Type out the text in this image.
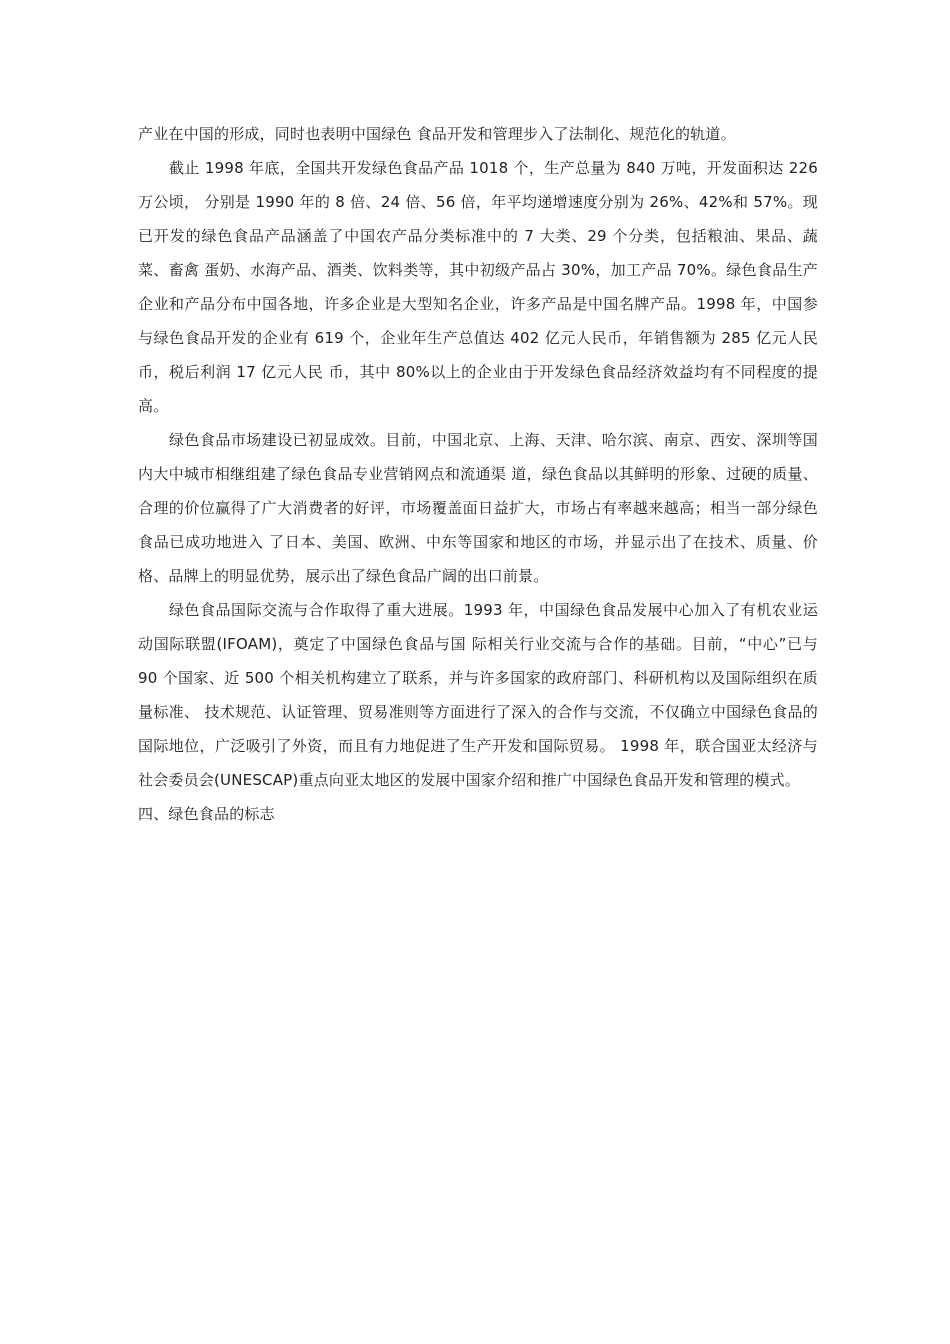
产业在中国的形成，同时也表明中国绿色 食品开发和管理步入了法制化、规范化的轨道。

截止 1998 年底，全国共开发绿色食品产品 1018 个，生产总量为 840 万吨，开发面积达 226 万公顷， 分别是 1990 年的 8 倍、24 倍、56 倍，年平均递增速度分别为 26%、42%和 57%。现已开发的绿色食品产品涵盖了中国农产品分类标准中的 7 大类、29 个分类，包括粮油、果品、蔬菜、畜禽 蛋奶、水海产品、酒类、饮料类等，其中初级产品占 30%，加工产品 70%。绿色食品生产企业和产品分布中国各地，许多企业是大型知名企业，许多产品是中国名牌产品。1998 年，中国参与绿色食品开发的企业有 619 个，企业年生产总值达 402 亿元人民币，年销售额为 285 亿元人民币，税后利润 17 亿元人民 币，其中 80%以上的企业由于开发绿色食品经济效益均有不同程度的提高。

绿色食品市场建设已初显成效。目前，中国北京、上海、天津、哈尔滨、南京、西安、深圳等国内大中城市相继组建了绿色食品专业营销网点和流通渠 道，绿色食品以其鲜明的形象、过硬的质量、合理的价位赢得了广大消费者的好评，市场覆盖面日益扩大，市场占有率越来越高；相当一部分绿色食品已成功地进入 了日本、美国、欧洲、中东等国家和地区的市场，并显示出了在技术、质量、价格、品牌上的明显优势，展示出了绿色食品广阔的出口前景。

绿色食品国际交流与合作取得了重大进展。1993 年，中国绿色食品发展中心加入了有机农业运动国际联盟(IFOAM)，奠定了中国绿色食品与国 际相关行业交流与合作的基础。目前，“中心”已与 90 个国家、近 500 个相关机构建立了联系，并与许多国家的政府部门、科研机构以及国际组织在质量标准、 技术规范、认证管理、贸易准则等方面进行了深入的合作与交流，不仅确立中国绿色食品的国际地位，广泛吸引了外资，而且有力地促进了生产开发和国际贸易。 1998 年，联合国亚太经济与社会委员会(UNESCAP)重点向亚太地区的发展中国家介绍和推广中国绿色食品开发和管理的模式。

四、绿色食品的标志
